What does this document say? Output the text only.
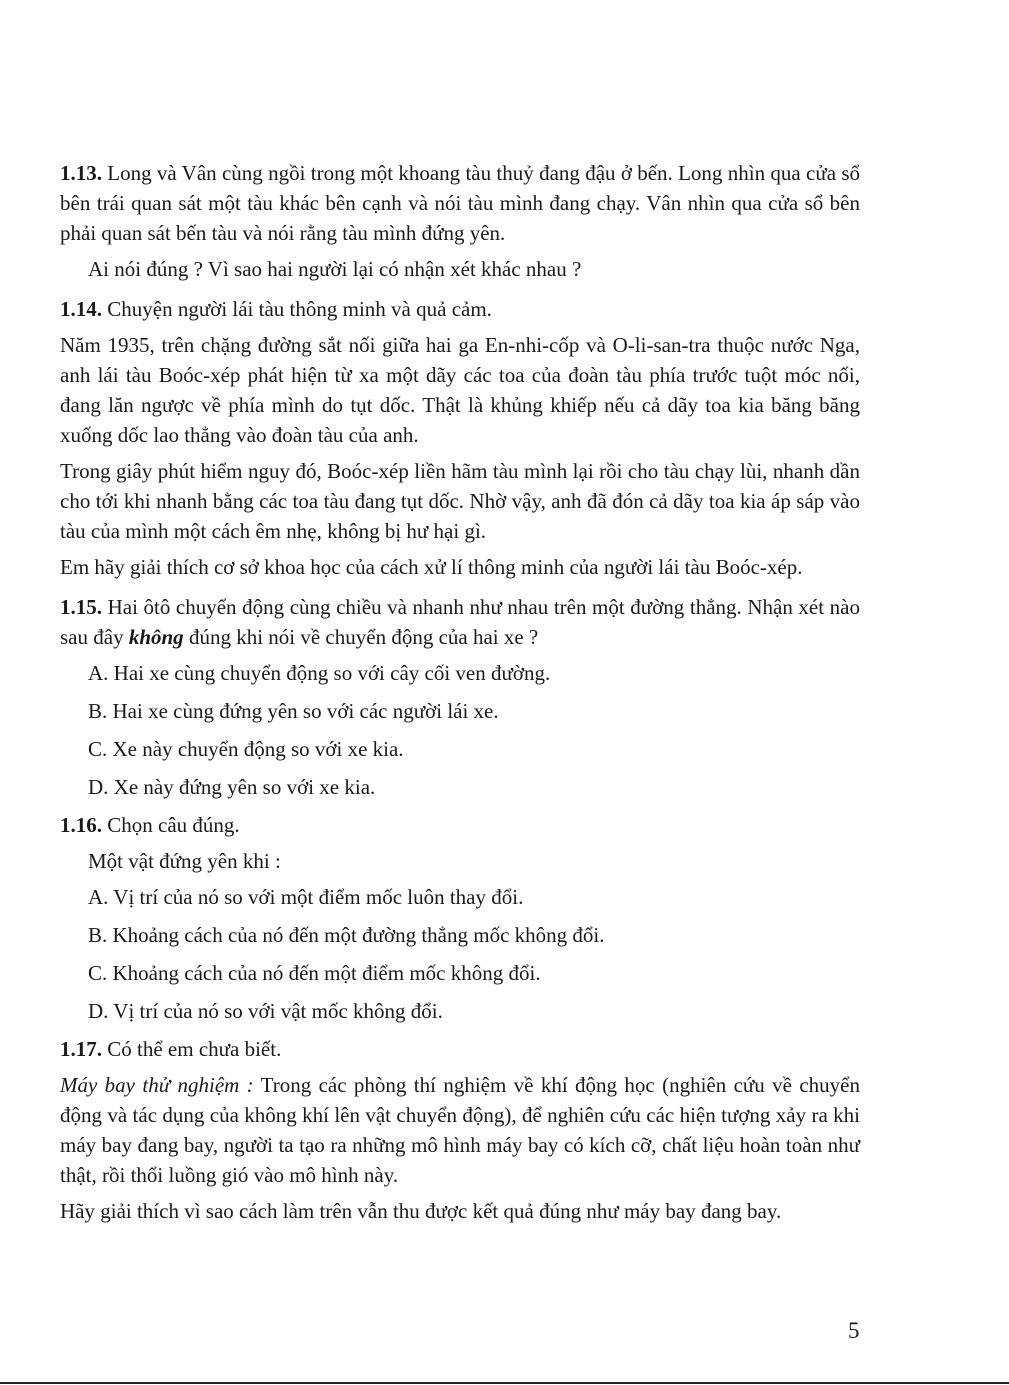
1.13. Long và Vân cùng ngồi trong một khoang tàu thuỷ đang đậu ở bến. Long nhìn qua cửa sổ bên trái quan sát một tàu khác bên cạnh và nói tàu mình đang chạy. Vân nhìn qua cửa sổ bên phải quan sát bến tàu và nói rằng tàu mình đứng yên.

Ai nói đúng ? Vì sao hai người lại có nhận xét khác nhau ?

1.14. Chuyện người lái tàu thông minh và quả cảm.

Năm 1935, trên chặng đường sắt nối giữa hai ga En-nhi-cốp và O-li-san-tra thuộc nước Nga, anh lái tàu Boóc-xép phát hiện từ xa một dãy các toa của đoàn tàu phía trước tuột móc nối, đang lăn ngược về phía mình do tụt dốc. Thật là khủng khiếp nếu cả dãy toa kia băng băng xuống dốc lao thẳng vào đoàn tàu của anh.

Trong giây phút hiểm nguy đó, Boóc-xép liền hãm tàu mình lại rồi cho tàu chạy lùi, nhanh dần cho tới khi nhanh bằng các toa tàu đang tụt dốc. Nhờ vậy, anh đã đón cả dãy toa kia áp sáp vào tàu của mình một cách êm nhẹ, không bị hư hại gì.

Em hãy giải thích cơ sở khoa học của cách xử lí thông minh của người lái tàu Boóc-xép.

1.15. Hai ôtô chuyển động cùng chiều và nhanh như nhau trên một đường thẳng. Nhận xét nào sau đây không đúng khi nói về chuyển động của hai xe ?

A. Hai xe cùng chuyển động so với cây cối ven đường.

B. Hai xe cùng đứng yên so với các người lái xe.

C. Xe này chuyển động so với xe kia.

D. Xe này đứng yên so với xe kia.

1.16. Chọn câu đúng.

Một vật đứng yên khi :

A. Vị trí của nó so với một điểm mốc luôn thay đổi.

B. Khoảng cách của nó đến một đường thẳng mốc không đổi.

C. Khoảng cách của nó đến một điểm mốc không đổi.

D. Vị trí của nó so với vật mốc không đổi.

1.17. Có thể em chưa biết.

Máy bay thử nghiệm : Trong các phòng thí nghiệm về khí động học (nghiên cứu về chuyển động và tác dụng của không khí lên vật chuyển động), để nghiên cứu các hiện tượng xảy ra khi máy bay đang bay, người ta tạo ra những mô hình máy bay có kích cỡ, chất liệu hoàn toàn như thật, rồi thổi luồng gió vào mô hình này.

Hãy giải thích vì sao cách làm trên vẫn thu được kết quả đúng như máy bay đang bay.

5
